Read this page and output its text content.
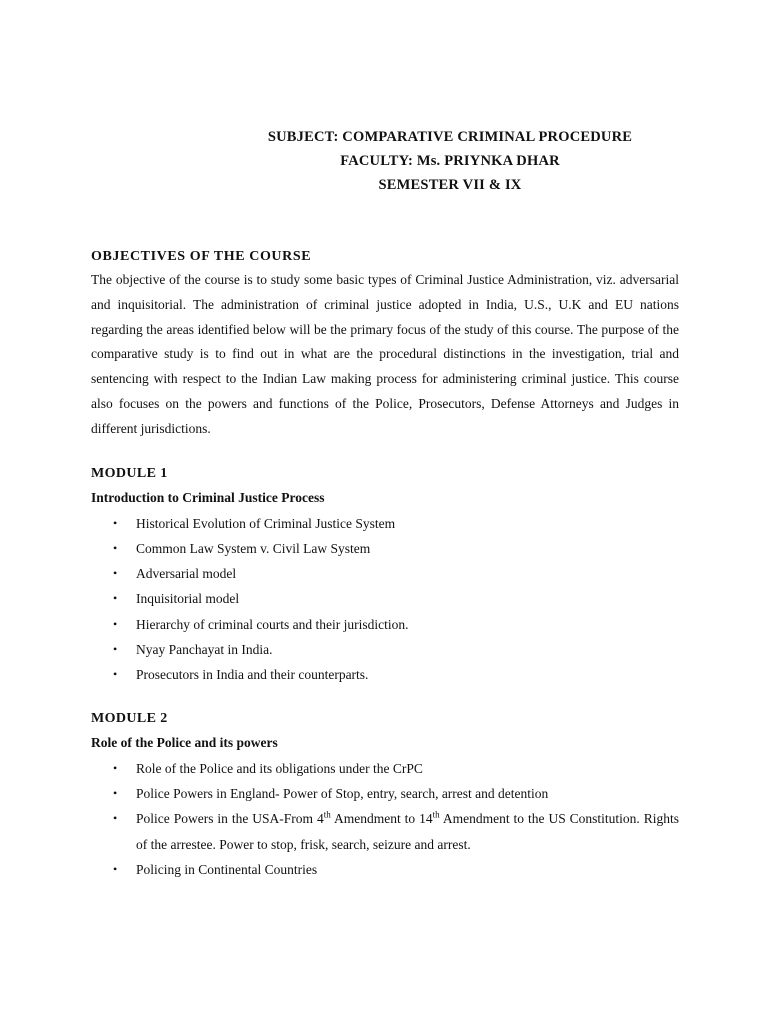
SUBJECT: COMPARATIVE CRIMINAL PROCEDURE
FACULTY: Ms. PRIYNKA DHAR
SEMESTER VII & IX

OBJECTIVES OF THE COURSE

The objective of the course is to study some basic types of Criminal Justice Administration, viz. adversarial and inquisitorial. The administration of criminal justice adopted in India, U.S., U.K and EU nations regarding the areas identified below will be the primary focus of the study of this course. The purpose of the comparative study is to find out in what are the procedural distinctions in the investigation, trial and sentencing with respect to the Indian Law making process for administering criminal justice. This course also focuses on the powers and functions of the Police, Prosecutors, Defense Attorneys and Judges in different jurisdictions.

MODULE 1

Introduction to Criminal Justice Process

• Historical Evolution of Criminal Justice System
• Common Law System v. Civil Law System
• Adversarial model
• Inquisitorial model
• Hierarchy of criminal courts and their jurisdiction.
• Nyay Panchayat in India.
• Prosecutors in India and their counterparts.

MODULE 2

Role of the Police and its powers

• Role of the Police and its obligations under the CrPC
• Police Powers in England- Power of Stop, entry, search, arrest and detention
• Police Powers in the USA-From 4th Amendment to 14th Amendment to the US Constitution. Rights of the arrestee. Power to stop, frisk, search, seizure and arrest.
• Policing in Continental Countries
